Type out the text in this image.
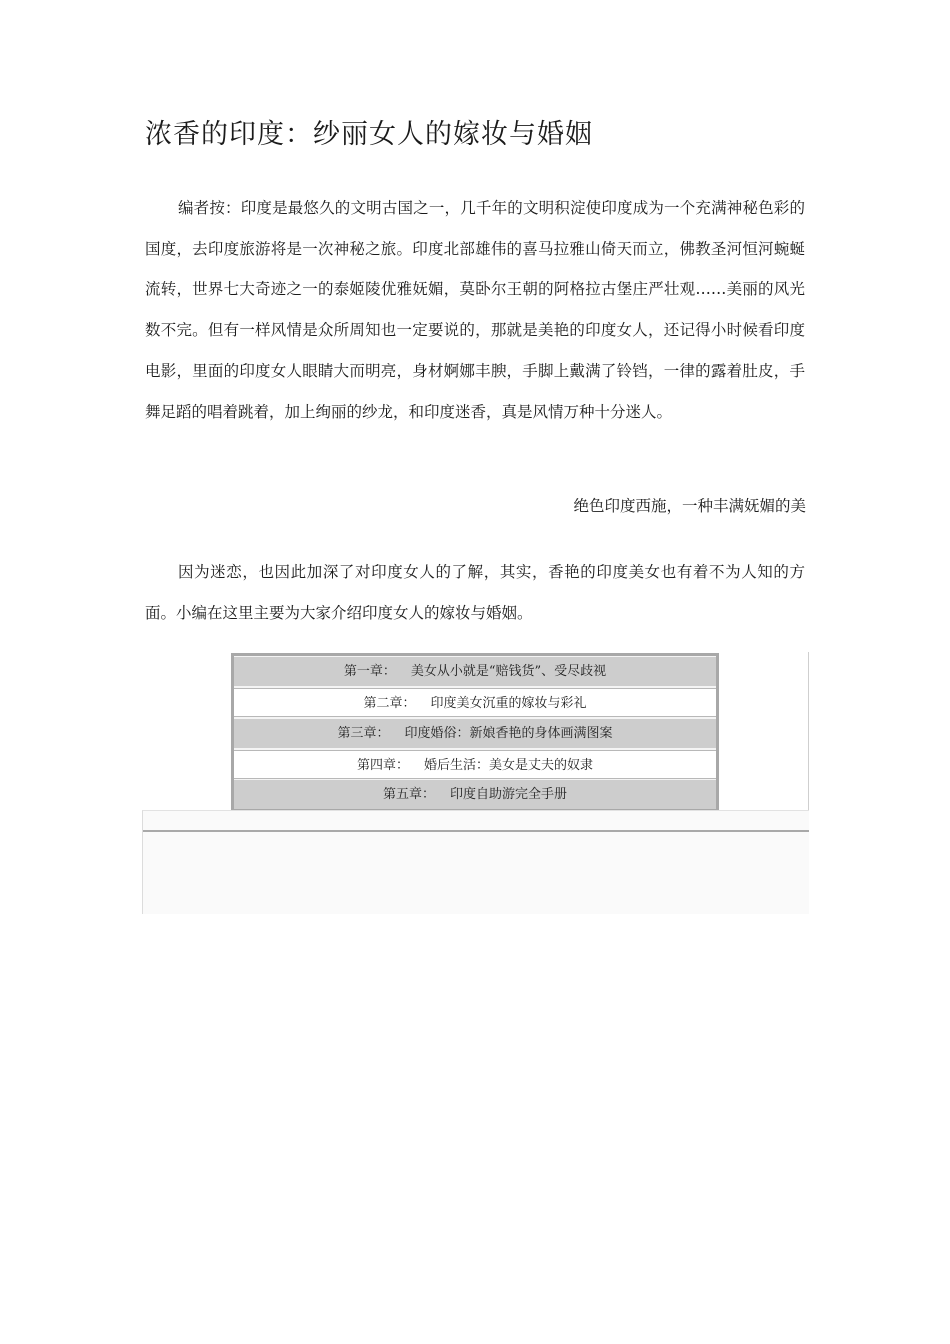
浓香的印度：纱丽女人的嫁妆与婚姻

编者按：印度是最悠久的文明古国之一，几千年的文明积淀使印度成为一个充满神秘色彩的国度，去印度旅游将是一次神秘之旅。印度北部雄伟的喜马拉雅山倚天而立，佛教圣河恒河蜿蜒流转，世界七大奇迹之一的泰姬陵优雅妩媚，莫卧尔王朝的阿格拉古堡庄严壮观……美丽的风光数不完。但有一样风情是众所周知也一定要说的，那就是美艳的印度女人，还记得小时候看印度电影，里面的印度女人眼睛大而明亮，身材婀娜丰腴，手脚上戴满了铃铛，一律的露着肚皮，手舞足蹈的唱着跳着，加上绚丽的纱龙，和印度迷香，真是风情万种十分迷人。

绝色印度西施，一种丰满妩媚的美

因为迷恋，也因此加深了对印度女人的了解，其实，香艳的印度美女也有着不为人知的方面。小编在这里主要为大家介绍印度女人的嫁妆与婚姻。

第一章： 美女从小就是“赔钱货”、受尽歧视
第二章： 印度美女沉重的嫁妆与彩礼
第三章： 印度婚俗：新娘香艳的身体画满图案
第四章： 婚后生活：美女是丈夫的奴隶
第五章： 印度自助游完全手册
